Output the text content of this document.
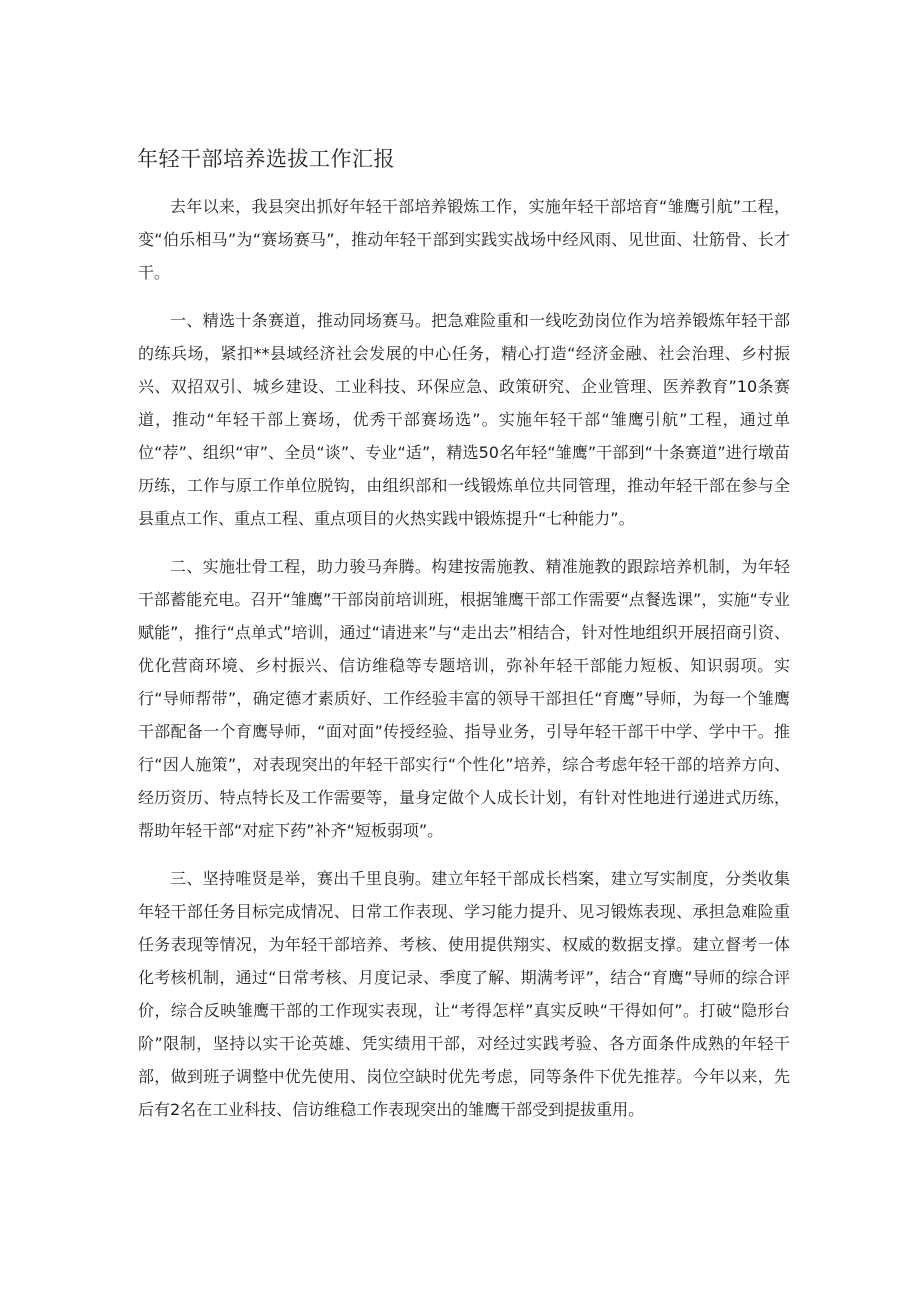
年轻干部培养选拔工作汇报

去年以来，我县突出抓好年轻干部培养锻炼工作，实施年轻干部培育“雏鹰引航”工程，变“伯乐相马”为“赛场赛马”，推动年轻干部到实践实战场中经风雨、见世面、壮筋骨、长才干。

一、精选十条赛道，推动同场赛马。把急难险重和一线吃劲岗位作为培养锻炼年轻干部的练兵场，紧扣**县域经济社会发展的中心任务，精心打造“经济金融、社会治理、乡村振兴、双招双引、城乡建设、工业科技、环保应急、政策研究、企业管理、医养教育”10条赛道，推动“年轻干部上赛场，优秀干部赛场选”。实施年轻干部“雏鹰引航”工程，通过单位“荐”、组织“审”、全员“谈”、专业“适”，精选50名年轻“雏鹰”干部到“十条赛道”进行墩苗历练，工作与原工作单位脱钩，由组织部和一线锻炼单位共同管理，推动年轻干部在参与全县重点工作、重点工程、重点项目的火热实践中锻炼提升“七种能力”。

二、实施壮骨工程，助力骏马奔腾。构建按需施教、精准施教的跟踪培养机制，为年轻干部蓄能充电。召开“雏鹰”干部岗前培训班，根据雏鹰干部工作需要“点餐选课”，实施“专业赋能”，推行“点单式”培训，通过“请进来”与“走出去”相结合，针对性地组织开展招商引资、优化营商环境、乡村振兴、信访维稳等专题培训，弥补年轻干部能力短板、知识弱项。实行“导师帮带”，确定德才素质好、工作经验丰富的领导干部担任“育鹰”导师，为每一个雏鹰干部配备一个育鹰导师，“面对面”传授经验、指导业务，引导年轻干部干中学、学中干。推行“因人施策”，对表现突出的年轻干部实行“个性化”培养，综合考虑年轻干部的培养方向、经历资历、特点特长及工作需要等，量身定做个人成长计划，有针对性地进行递进式历练，帮助年轻干部“对症下药”补齐“短板弱项”。

三、坚持唯贤是举，赛出千里良驹。建立年轻干部成长档案，建立写实制度，分类收集年轻干部任务目标完成情况、日常工作表现、学习能力提升、见习锻炼表现、承担急难险重任务表现等情况，为年轻干部培养、考核、使用提供翔实、权威的数据支撑。建立督考一体化考核机制，通过“日常考核、月度记录、季度了解、期满考评”，结合“育鹰”导师的综合评价，综合反映雏鹰干部的工作现实表现，让“考得怎样”真实反映“干得如何”。打破“隐形台阶”限制，坚持以实干论英雄、凭实绩用干部，对经过实践考验、各方面条件成熟的年轻干部，做到班子调整中优先使用、岗位空缺时优先考虑，同等条件下优先推荐。今年以来，先后有2名在工业科技、信访维稳工作表现突出的雏鹰干部受到提拔重用。
